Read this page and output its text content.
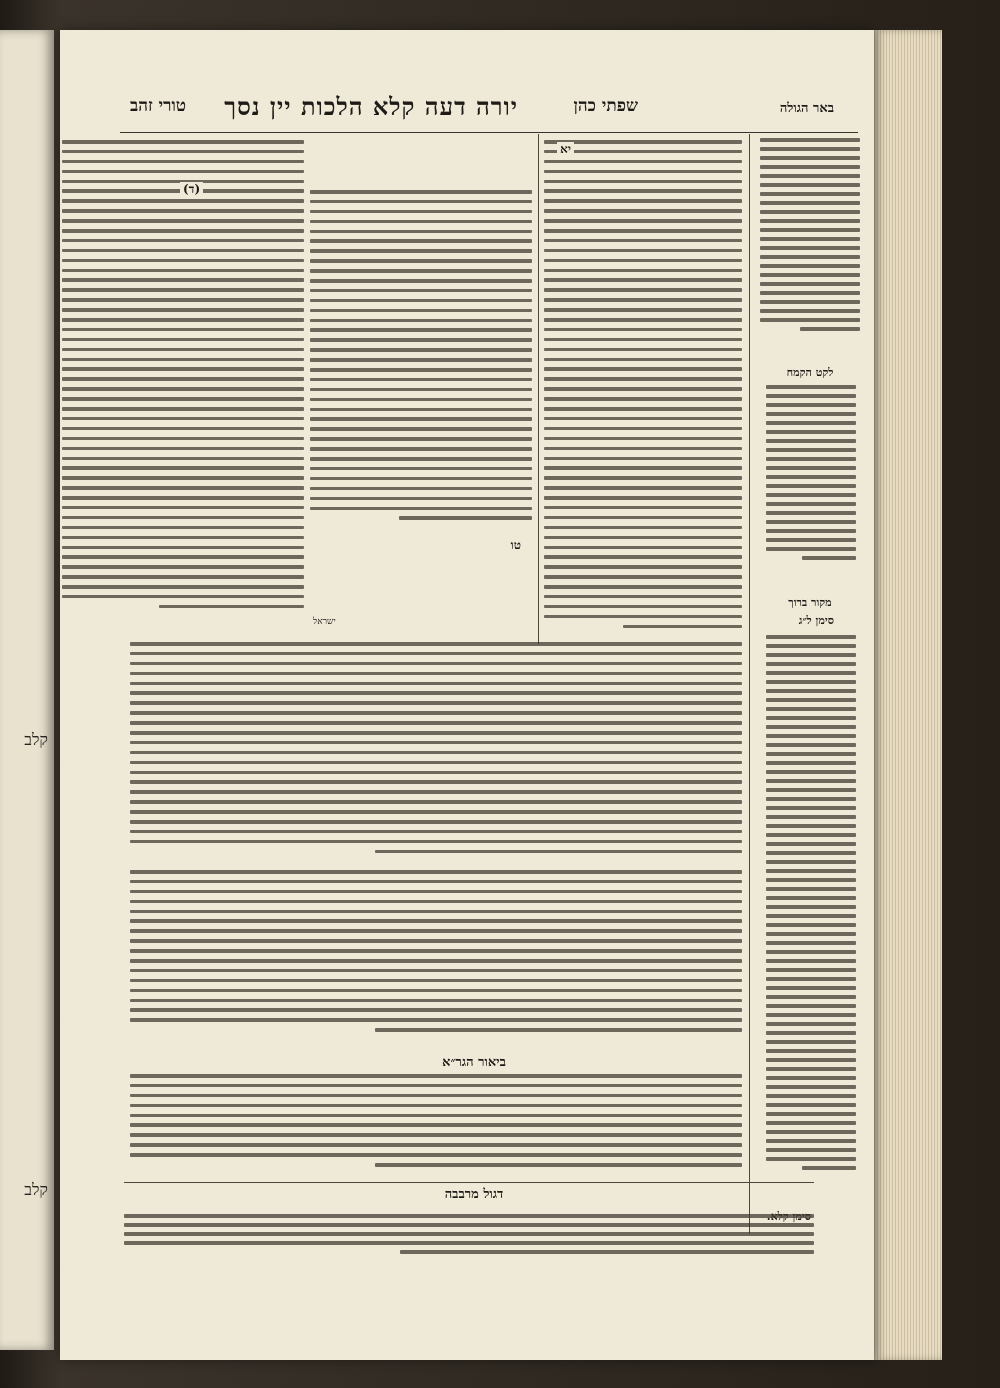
קלב
קלב
באר הגולה
שפתי כהן
יורה דעה קלא הלכות יין נסך
טורי זהב
לקט הקמח
מקור ברוך
סימן ל״ג
יא
(ד)
טו
ישראל
ביאור הגר״א
דגול מרבבה
